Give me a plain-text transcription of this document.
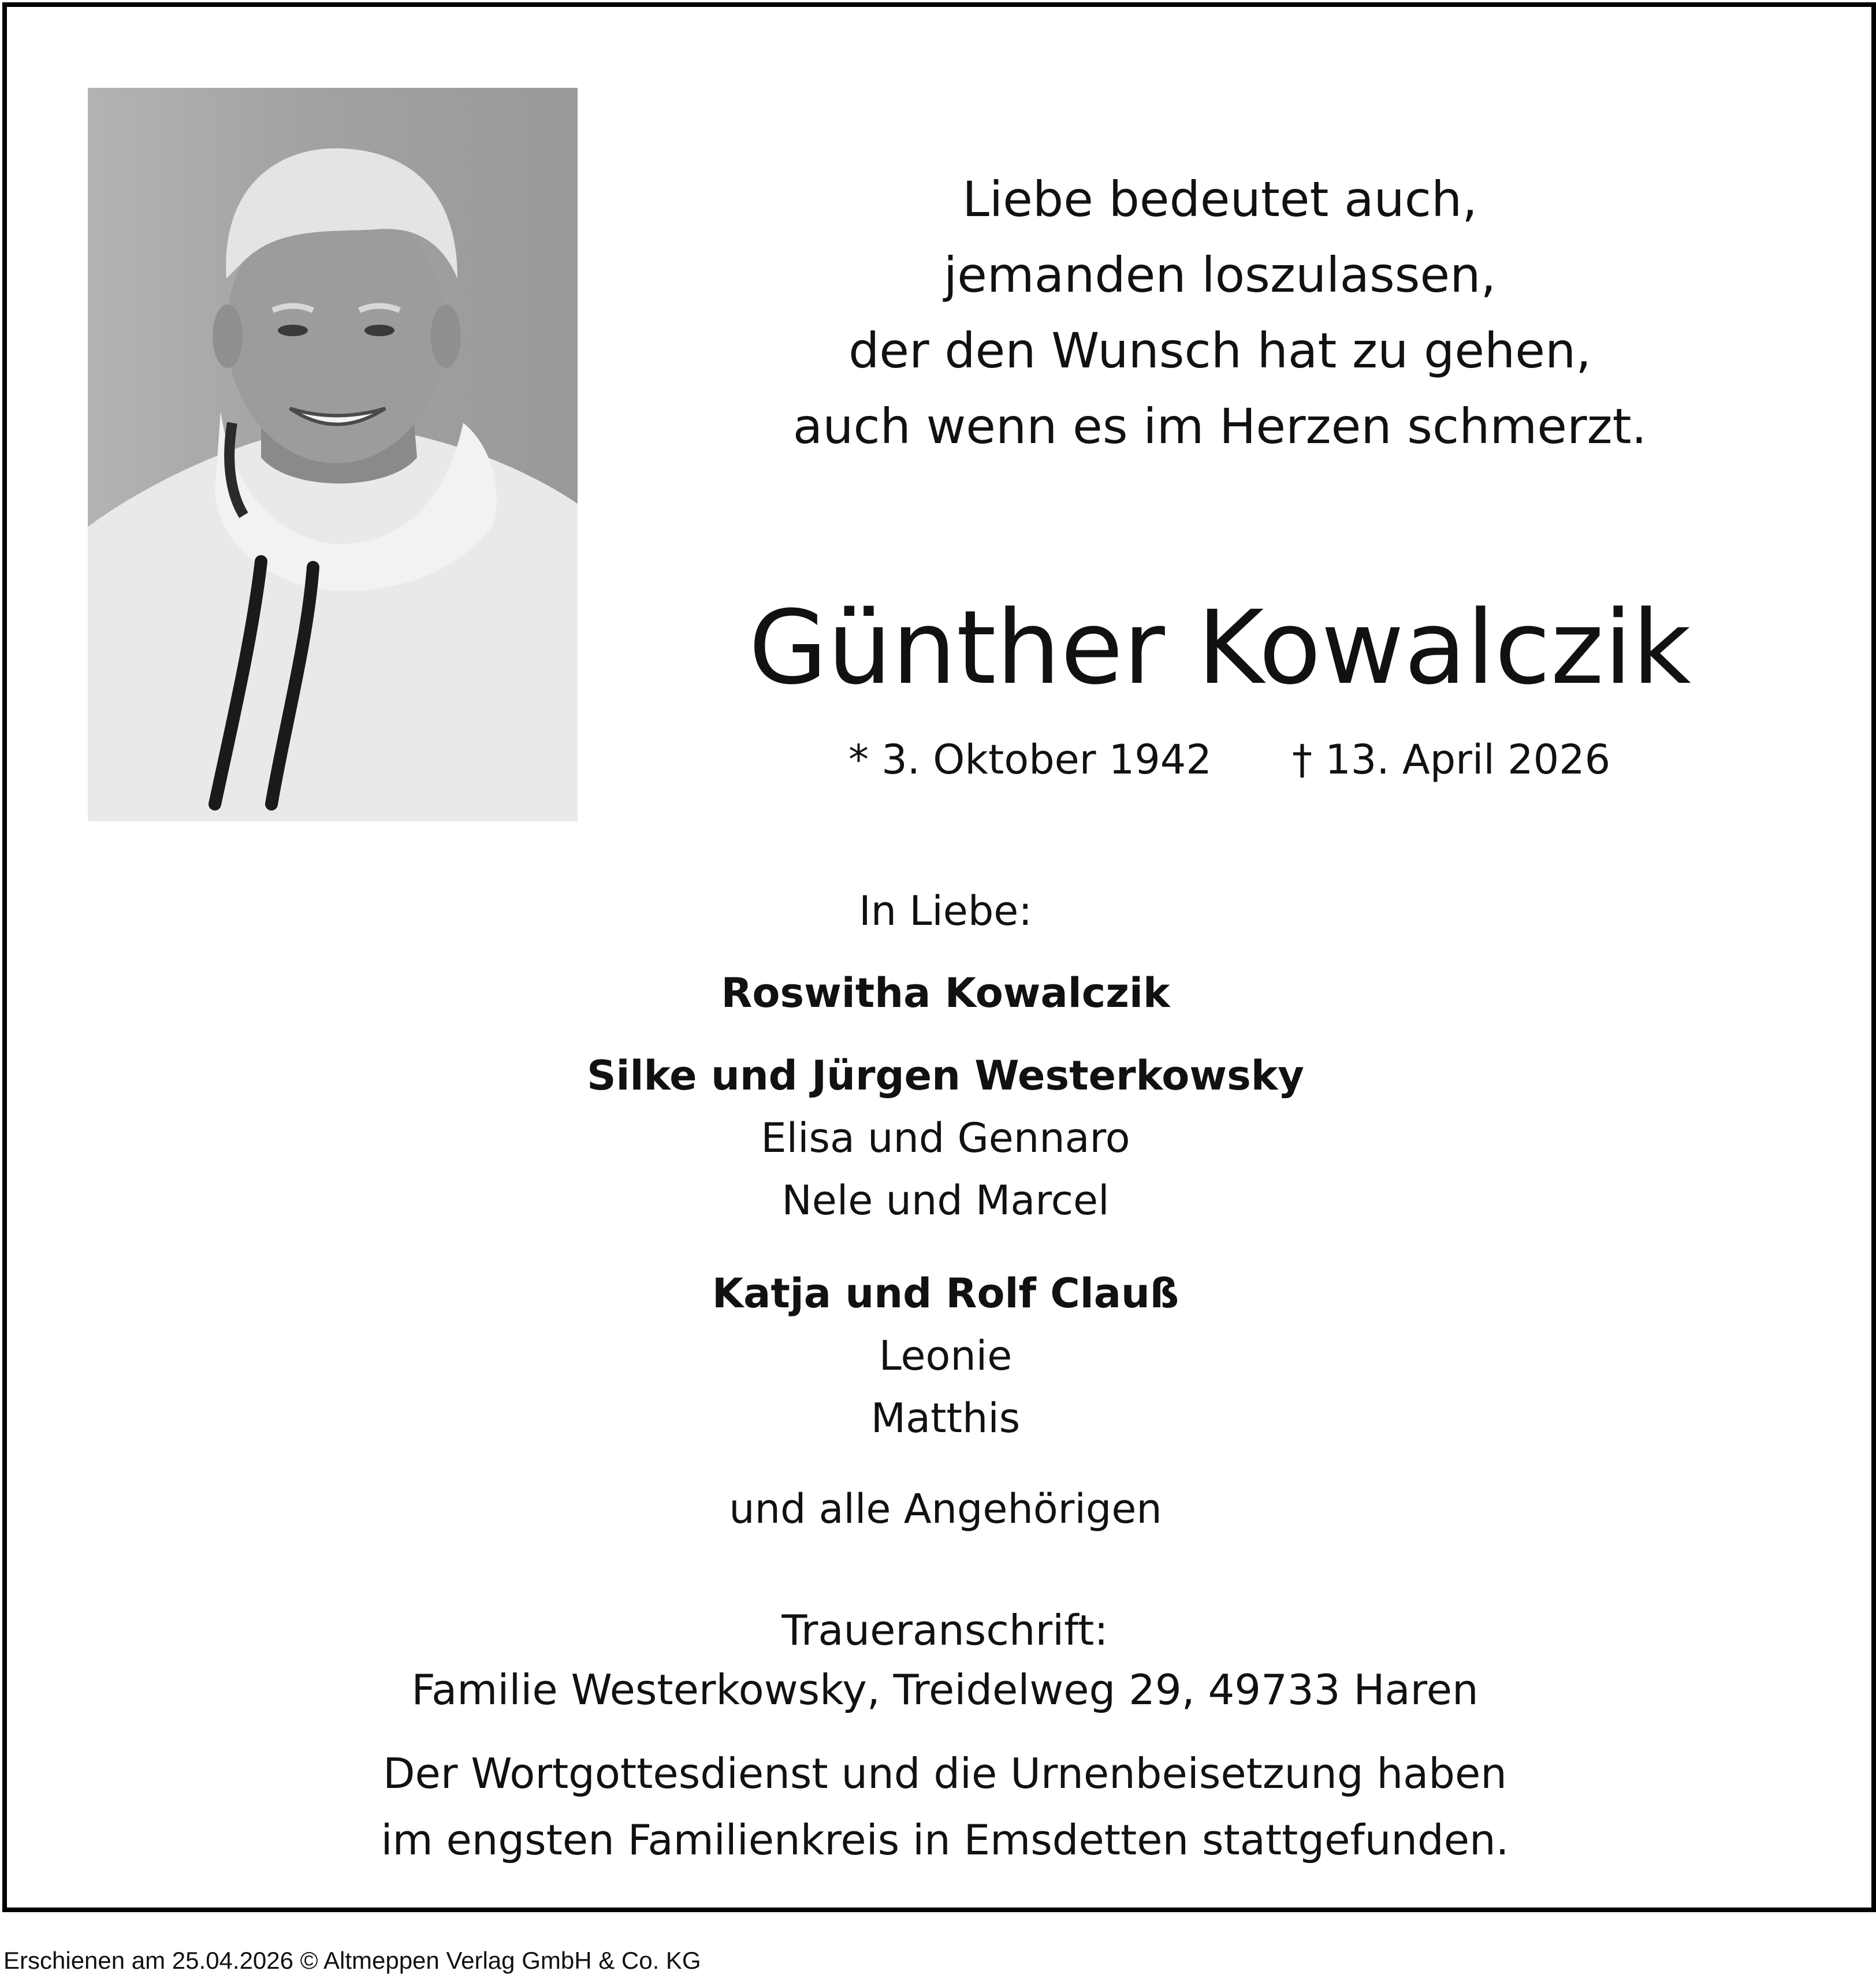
Liebe bedeutet auch,
jemanden loszulassen,
der den Wunsch hat zu gehen,
auch wenn es im Herzen schmerzt.
Günther Kowalczik
* 3. Oktober 1942 † 13. April 2026
In Liebe:
Roswitha Kowalczik
Silke und Jürgen Westerkowsky
Elisa und Gennaro
Nele und Marcel
Katja und Rolf Clauß
Leonie
Matthis
und alle Angehörigen
Traueranschrift:
Familie Westerkowsky, Treidelweg 29, 49733 Haren
Der Wortgottesdienst und die Urnenbeisetzung haben
im engsten Familienkreis in Emsdetten stattgefunden.
Erschienen am 25.04.2026 © Altmeppen Verlag GmbH & Co. KG
